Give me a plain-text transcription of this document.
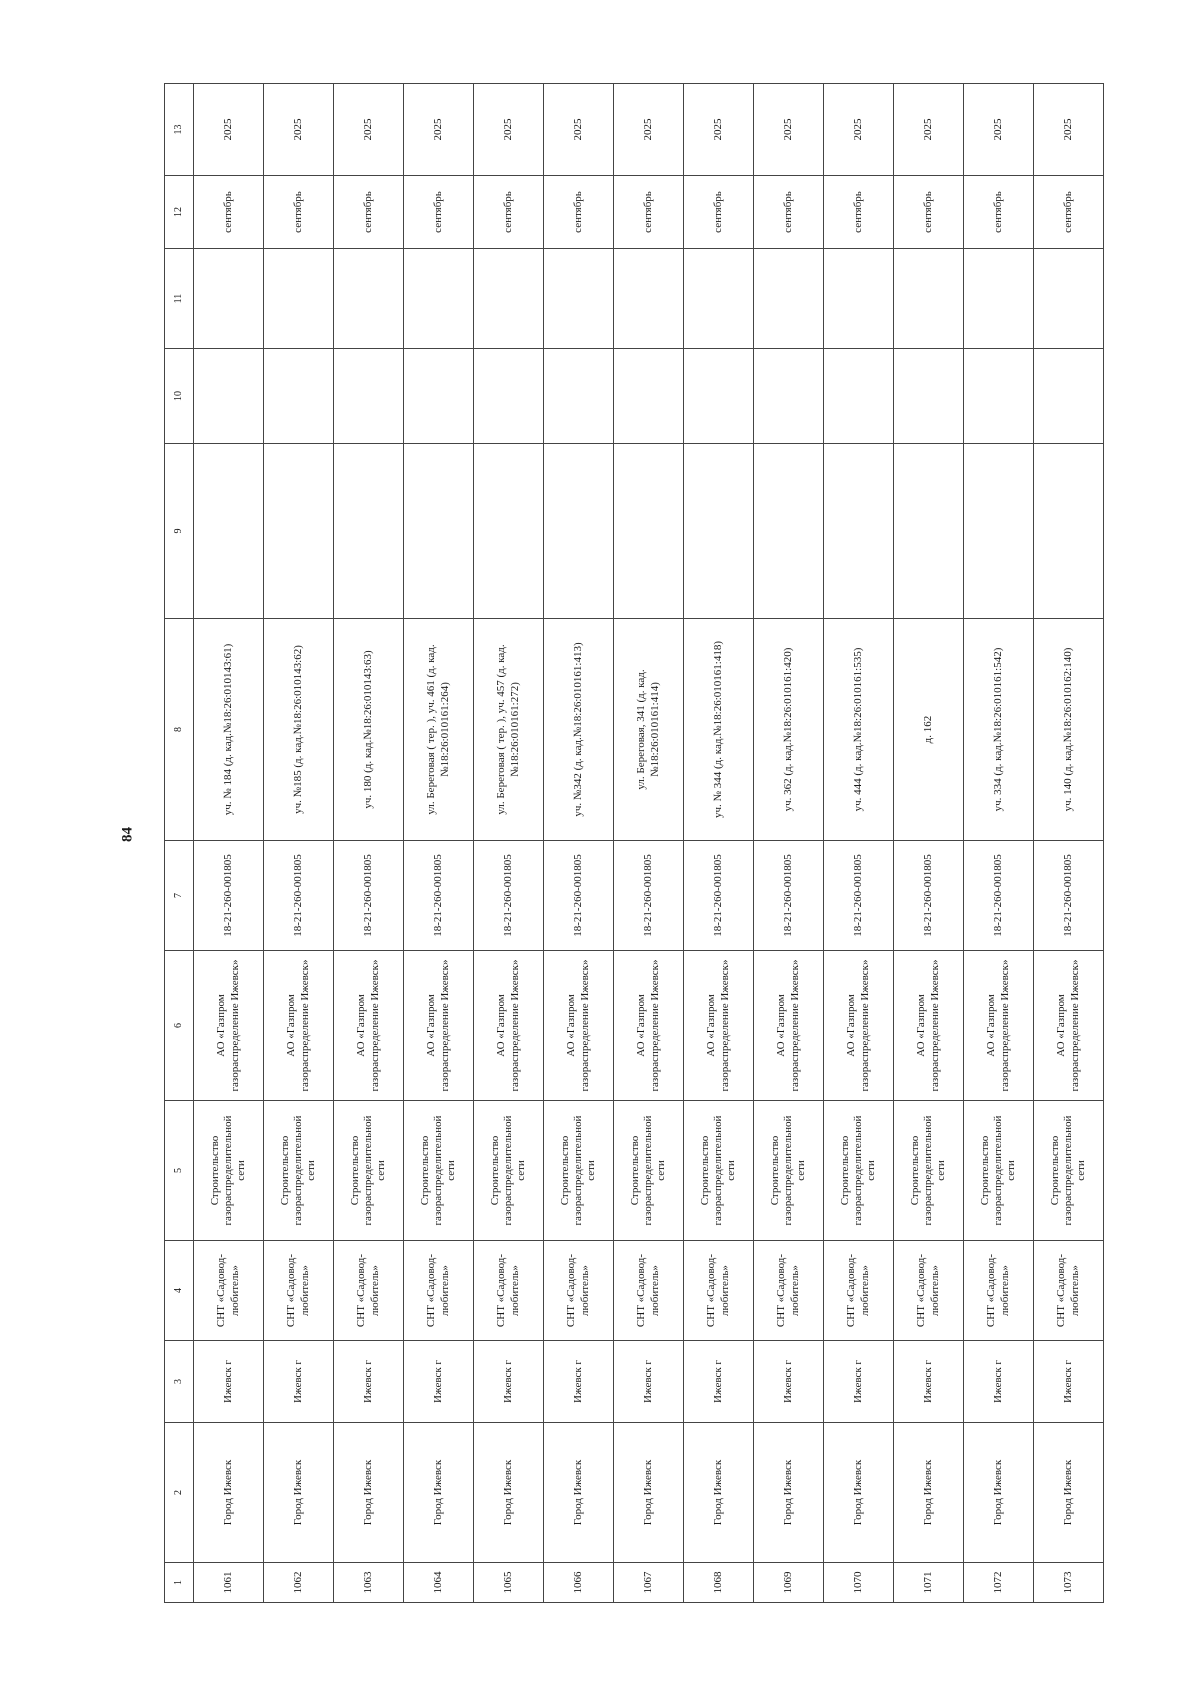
84
1	2	3	4	5	6	7	8	9	10	11	12	13
1061	Город Ижевск	Ижевск г	СНТ «Садовод-любитель»	Строительство газораспределительной сети	АО «Газпром газораспределение Ижевск»	18-21-260-001805	уч. № 184 (д. кад.№18:26:010143:61)				сентябрь	2025
1062	Город Ижевск	Ижевск г	СНТ «Садовод-любитель»	Строительство газораспределительной сети	АО «Газпром газораспределение Ижевск»	18-21-260-001805	уч. №185 (д. кад.№18:26:010143:62)				сентябрь	2025
1063	Город Ижевск	Ижевск г	СНТ «Садовод-любитель»	Строительство газораспределительной сети	АО «Газпром газораспределение Ижевск»	18-21-260-001805	уч. 180 (д. кад.№18:26:010143:63)				сентябрь	2025
1064	Город Ижевск	Ижевск г	СНТ «Садовод-любитель»	Строительство газораспределительной сети	АО «Газпром газораспределение Ижевск»	18-21-260-001805	ул. Береговая ( тер. ), уч. 461 (д. кад.№18:26:010161:264)				сентябрь	2025
1065	Город Ижевск	Ижевск г	СНТ «Садовод-любитель»	Строительство газораспределительной сети	АО «Газпром газораспределение Ижевск»	18-21-260-001805	ул. Береговая ( тер. ), уч. 457 (д. кад.№18:26:010161:272)				сентябрь	2025
1066	Город Ижевск	Ижевск г	СНТ «Садовод-любитель»	Строительство газораспределительной сети	АО «Газпром газораспределение Ижевск»	18-21-260-001805	уч. №342 (д. кад.№18:26:010161:413)				сентябрь	2025
1067	Город Ижевск	Ижевск г	СНТ «Садовод-любитель»	Строительство газораспределительной сети	АО «Газпром газораспределение Ижевск»	18-21-260-001805	ул. Береговая, 341 (д. кад.№18:26:010161:414)				сентябрь	2025
1068	Город Ижевск	Ижевск г	СНТ «Садовод-любитель»	Строительство газораспределительной сети	АО «Газпром газораспределение Ижевск»	18-21-260-001805	уч. № 344 (д. кад.№18:26:010161:418)				сентябрь	2025
1069	Город Ижевск	Ижевск г	СНТ «Садовод-любитель»	Строительство газораспределительной сети	АО «Газпром газораспределение Ижевск»	18-21-260-001805	уч. 362 (д. кад.№18:26:010161:420)				сентябрь	2025
1070	Город Ижевск	Ижевск г	СНТ «Садовод-любитель»	Строительство газораспределительной сети	АО «Газпром газораспределение Ижевск»	18-21-260-001805	уч. 444 (д. кад.№18:26:010161:535)				сентябрь	2025
1071	Город Ижевск	Ижевск г	СНТ «Садовод-любитель»	Строительство газораспределительной сети	АО «Газпром газораспределение Ижевск»	18-21-260-001805	д. 162				сентябрь	2025
1072	Город Ижевск	Ижевск г	СНТ «Садовод-любитель»	Строительство газораспределительной сети	АО «Газпром газораспределение Ижевск»	18-21-260-001805	уч. 334 (д. кад.№18:26:010161:542)				сентябрь	2025
1073	Город Ижевск	Ижевск г	СНТ «Садовод-любитель»	Строительство газораспределительной сети	АО «Газпром газораспределение Ижевск»	18-21-260-001805	уч. 140 (д. кад.№18:26:010162:140)				сентябрь	2025
